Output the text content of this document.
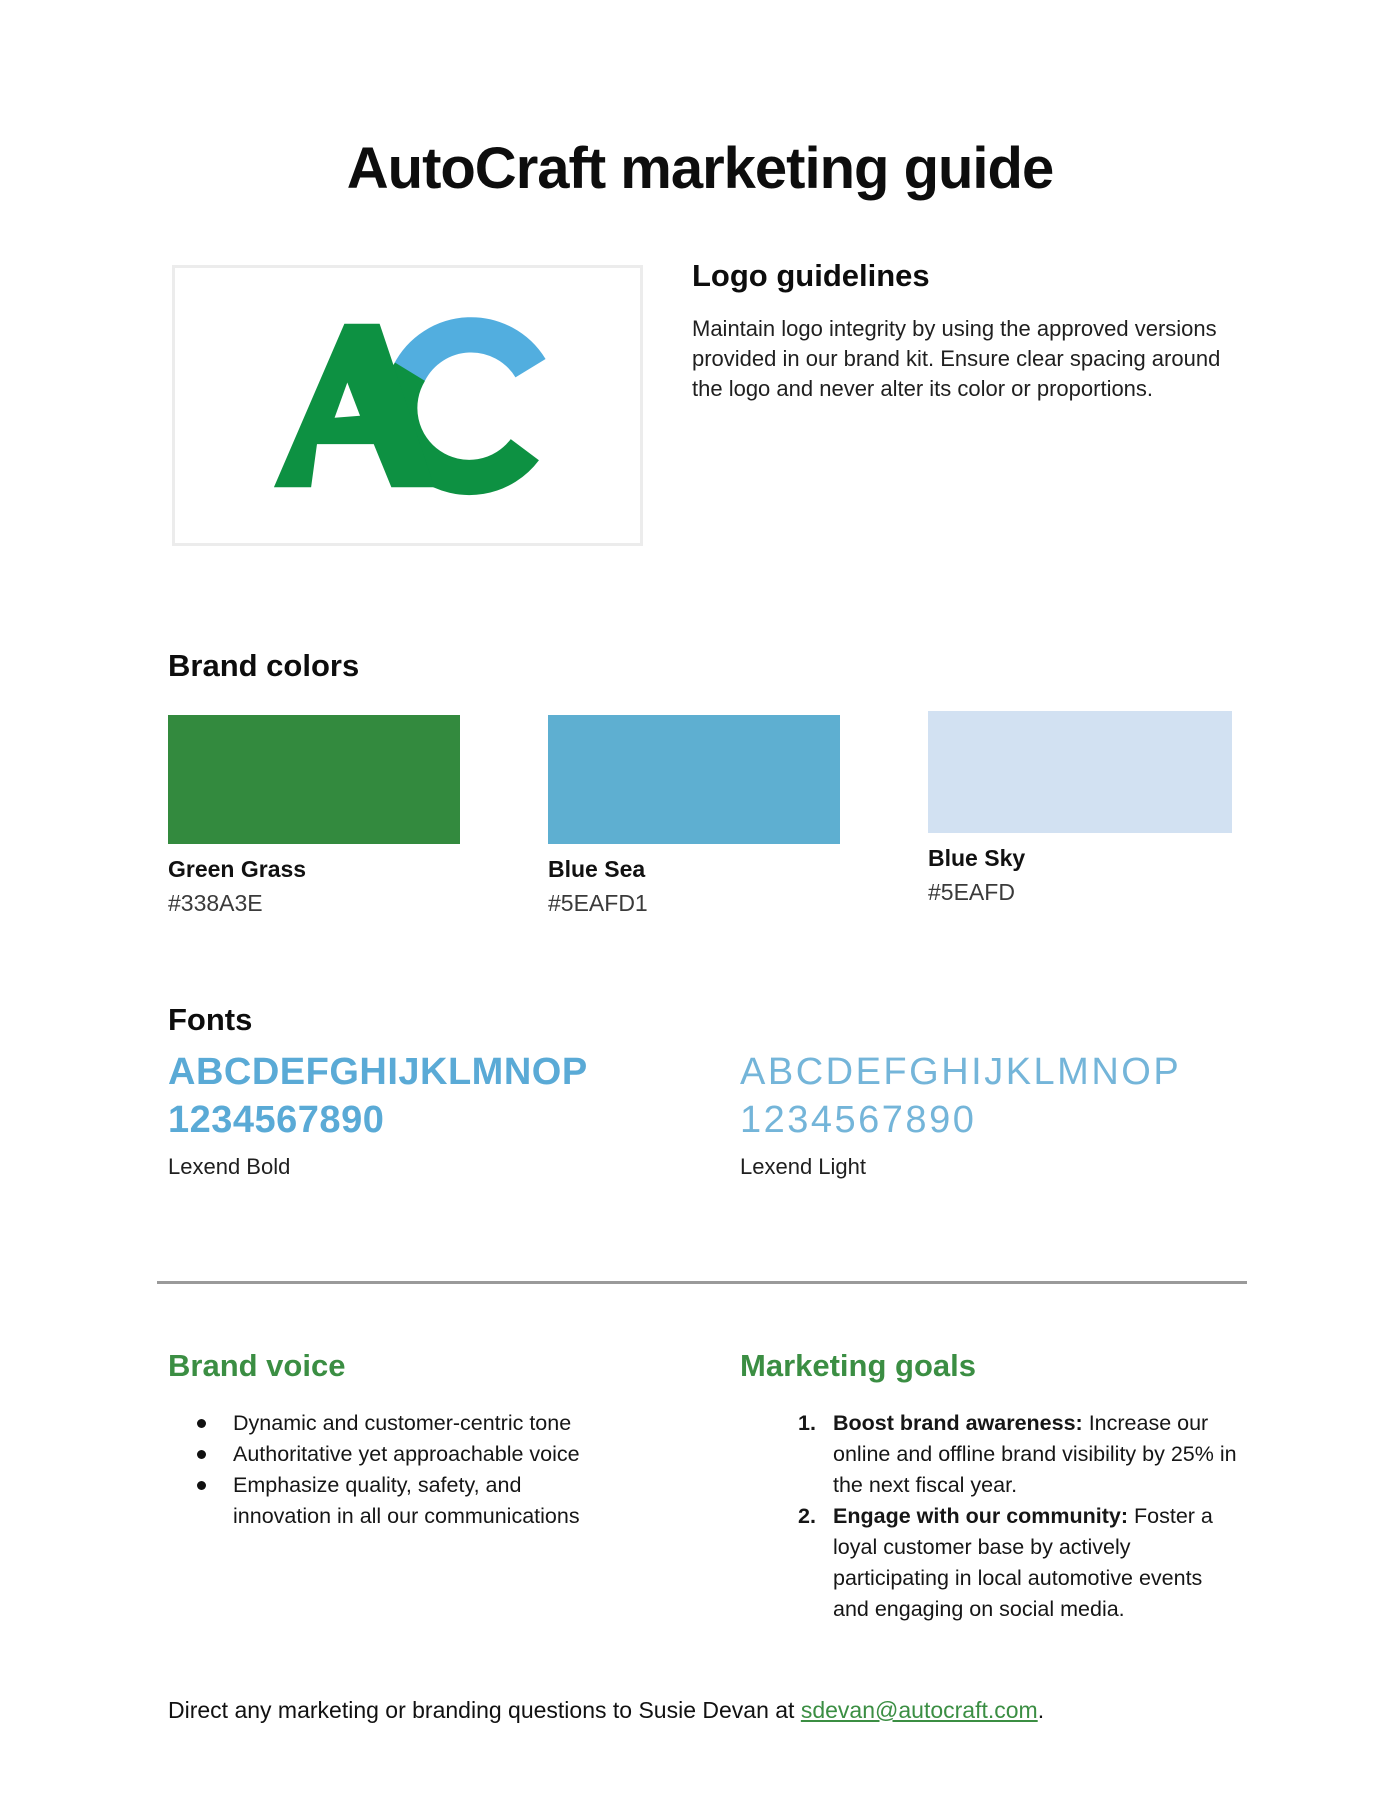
AutoCraft marketing guide
Logo guidelines

Maintain logo integrity by using the approved versions provided in our brand kit. Ensure clear spacing around the logo and never alter its color or proportions.

Brand colors
Green Grass
#338A3E
Blue Sea
#5EAFD1
Blue Sky
#5EAFD
Fonts
ABCDEFGHIJKLMNOP
1234567890
Lexend Bold
ABCDEFGHIJKLMNOP
1234567890
Lexend Light
Brand voice
Dynamic and customer-centric tone
Authoritative yet approachable voice
Emphasize quality, safety, and innovation in all our communications
Marketing goals
1. Boost brand awareness: Increase our online and offline brand visibility by 25% in the next fiscal year.
2. Engage with our community: Foster a loyal customer base by actively participating in local automotive events and engaging on social media.
Direct any marketing or branding questions to Susie Devan at sdevan@autocraft.com.
